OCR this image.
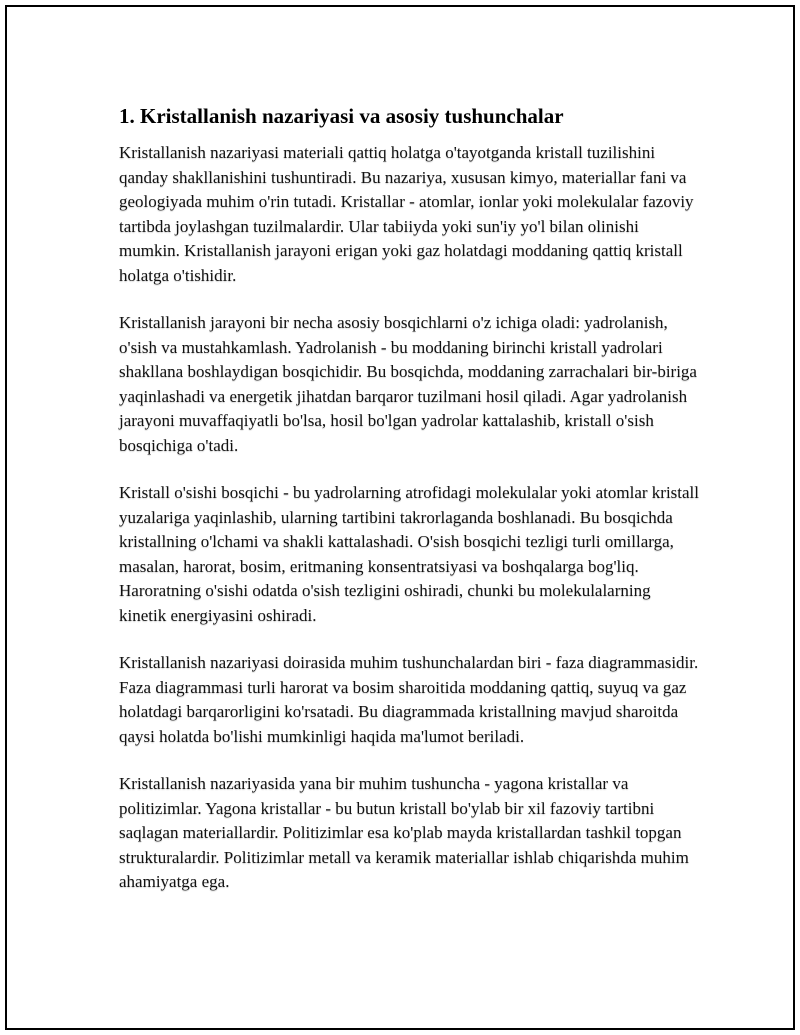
1. Kristallanish nazariyasi va asosiy tushunchalar

Kristallanish nazariyasi materiali qattiq holatga o'tayotganda kristall tuzilishini qanday shakllanishini tushuntiradi. Bu nazariya, xususan kimyo, materiallar fani va geologiyada muhim o'rin tutadi. Kristallar - atomlar, ionlar yoki molekulalar fazoviy tartibda joylashgan tuzilmalardir. Ular tabiiyda yoki sun'iy yo'l bilan olinishi mumkin. Kristallanish jarayoni erigan yoki gaz holatdagi moddaning qattiq kristall holatga o'tishidir.

Kristallanish jarayoni bir necha asosiy bosqichlarni o'z ichiga oladi: yadrolanish, o'sish va mustahkamlash. Yadrolanish - bu moddaning birinchi kristall yadrolari shakllana boshlaydigan bosqichidir. Bu bosqichda, moddaning zarrachalari bir-biriga yaqinlashadi va energetik jihatdan barqaror tuzilmani hosil qiladi. Agar yadrolanish jarayoni muvaffaqiyatli bo'lsa, hosil bo'lgan yadrolar kattalashib, kristall o'sish bosqichiga o'tadi.

Kristall o'sishi bosqichi - bu yadrolarning atrofidagi molekulalar yoki atomlar kristall yuzalariga yaqinlashib, ularning tartibini takrorlaganda boshlanadi. Bu bosqichda kristallning o'lchami va shakli kattalashadi. O'sish bosqichi tezligi turli omillarga, masalan, harorat, bosim, eritmaning konsentratsiyasi va boshqalarga bog'liq. Haroratning o'sishi odatda o'sish tezligini oshiradi, chunki bu molekulalarning kinetik energiyasini oshiradi.

Kristallanish nazariyasi doirasida muhim tushunchalardan biri - faza diagrammasidir. Faza diagrammasi turli harorat va bosim sharoitida moddaning qattiq, suyuq va gaz holatdagi barqarorligini ko'rsatadi. Bu diagrammada kristallning mavjud sharoitda qaysi holatda bo'lishi mumkinligi haqida ma'lumot beriladi.

Kristallanish nazariyasida yana bir muhim tushuncha - yagona kristallar va politizimlar. Yagona kristallar - bu butun kristall bo'ylab bir xil fazoviy tartibni saqlagan materiallardir. Politizimlar esa ko'plab mayda kristallardan tashkil topgan strukturalardir. Politizimlar metall va keramik materiallar ishlab chiqarishda muhim ahamiyatga ega.
